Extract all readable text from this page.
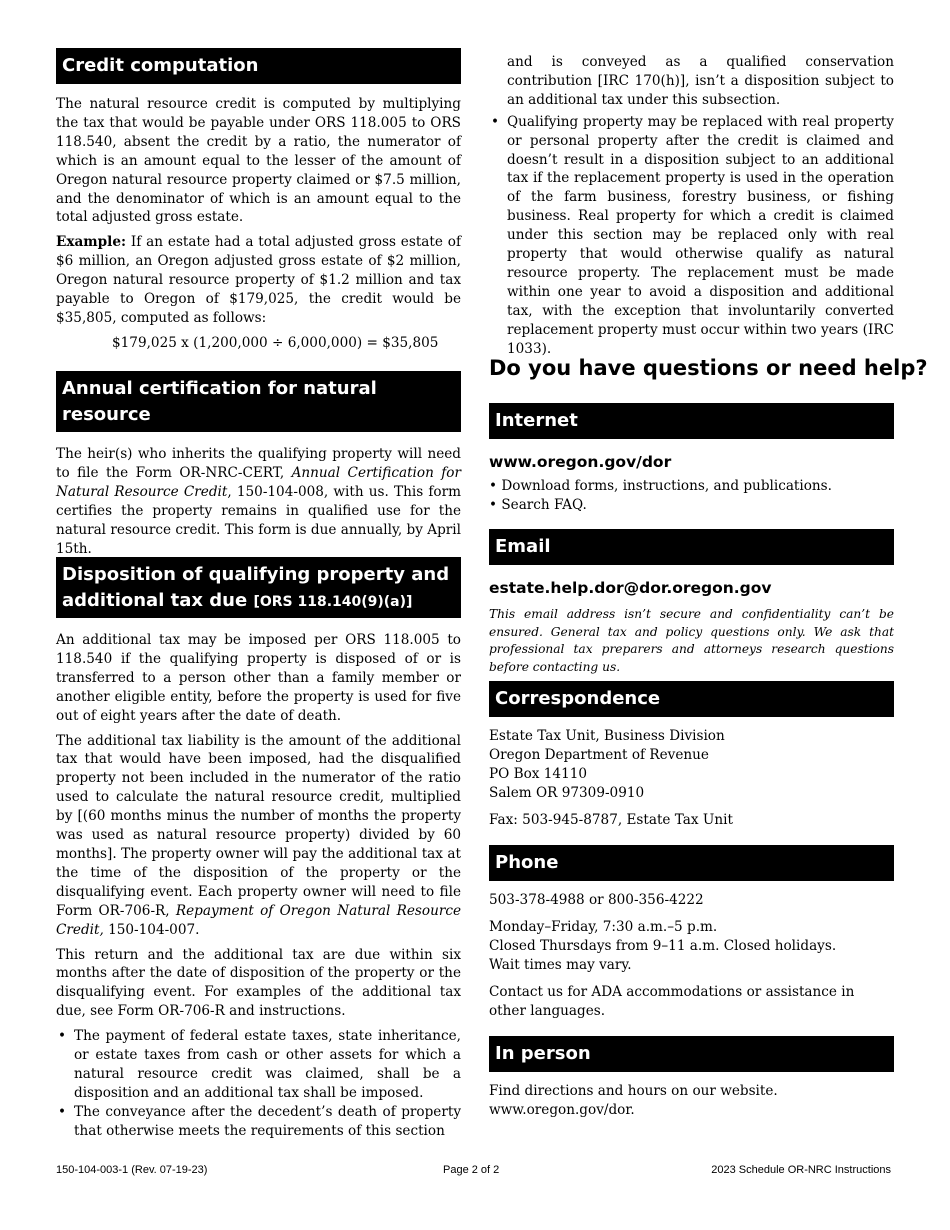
Credit computation

The natural resource credit is computed by multiplying the tax that would be payable under ORS 118.005 to ORS 118.540, absent the credit by a ratio, the numerator of which is an amount equal to the lesser of the amount of Oregon natural resource property claimed or $7.5 million, and the denominator of which is an amount equal to the total adjusted gross estate.

Example: If an estate had a total adjusted gross estate of $6 million, an Oregon adjusted gross estate of $2 million, Oregon natural resource property of $1.2 million and tax payable to Oregon of $179,025, the credit would be $35,805, computed as follows:

$179,025 x (1,200,000 ÷ 6,000,000) = $35,805

Annual certification for natural resource
credit [ORS 118.140(10)]

The heir(s) who inherits the qualifying property will need to file the Form OR-NRC-CERT, Annual Certification for Natural Resource Credit, 150-104-008, with us. This form certifies the property remains in qualified use for the natural resource credit. This form is due annually, by April 15th.

Disposition of qualifying property and
additional tax due [ORS 118.140(9)(a)]

An additional tax may be imposed per ORS 118.005 to 118.540 if the qualifying property is disposed of or is transferred to a person other than a family member or another eligible entity, before the property is used for five out of eight years after the date of death.

The additional tax liability is the amount of the additional tax that would have been imposed, had the disqualified property not been included in the numerator of the ratio used to calculate the natural resource credit, multiplied by [(60 months minus the number of months the property was used as natural resource property) divided by 60 months]. The property owner will pay the additional tax at the time of the disposition of the property or the disqualifying event. Each property owner will need to file Form OR-706-R, Repayment of Oregon Natural Resource Credit, 150-104-007.

This return and the additional tax are due within six months after the date of disposition of the property or the disqualifying event. For examples of the additional tax due, see Form OR-706-R and instructions.

• The payment of federal estate taxes, state inheritance, or estate taxes from cash or other assets for which a natural resource credit was claimed, shall be a disposition and an additional tax shall be imposed.
• The conveyance after the decedent’s death of property that otherwise meets the requirements of this section

and is conveyed as a qualified conservation contribution [IRC 170(h)], isn’t a disposition subject to an additional tax under this subsection.

• Qualifying property may be replaced with real property or personal property after the credit is claimed and doesn’t result in a disposition subject to an additional tax if the replacement property is used in the operation of the farm business, forestry business, or fishing business. Real property for which a credit is claimed under this section may be replaced only with real property that would otherwise qualify as natural resource property. The replacement must be made within one year to avoid a disposition and additional tax, with the exception that involuntarily converted replacement property must occur within two years (IRC 1033).
Do you have questions or need help?
Internet
www.oregon.gov/dor

• Download forms, instructions, and publications.

• Search FAQ.

Email
estate.help.dor@dor.oregon.gov

This email address isn’t secure and confidentiality can’t be ensured. General tax and policy questions only. We ask that professional tax preparers and attorneys research questions before contacting us.

Correspondence

Estate Tax Unit, Business Division

Oregon Department of Revenue

PO Box 14110

Salem OR 97309-0910

Fax: 503-945-8787, Estate Tax Unit

Phone

503-378-4988 or 800-356-4222

Monday–Friday, 7:30 a.m.–5 p.m.

Closed Thursdays from 9–11 a.m. Closed holidays.

Wait times may vary.

Contact us for ADA accommodations or assistance in other languages.

In person

Find directions and hours on our website.

www.oregon.gov/dor.

150-104-003-1 (Rev. 07-19-23)	Page 2 of 2	2023 Schedule OR-NRC Instructions
